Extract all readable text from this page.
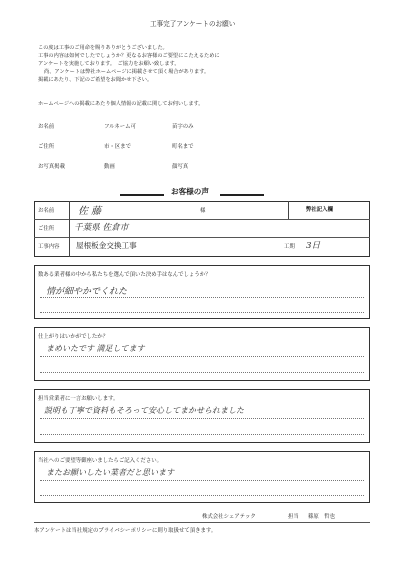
工事完了アンケートのお願い
この度は工事のご用命を賜りありがとうございました。
工事の内容は如何でしたでしょうか？更なるお客様のご要望にこたえるために
アンケートを実施しております。　ご協力をお願い致します。
尚、アンケートは弊社ホームページに掲載させて頂く場合があります。
掲載にあたり、下記のご希望をお聞かせ下さい。
ホームページへの掲載にあたり個人情報の記載に関してお伺いします。
お名前	フルネーム可	苗字のみ
ご住所	市・区まで	町名まで
お写真掲載	動画	顔写真
お客様の声
お名前 佐 藤	様	弊社記入欄
ご住所 千葉県 佐倉市
工事内容 屋根板金交換工事	工期 3日
数ある業者様の中から私たちを選んで頂いた決め手はなんでしょうか？
情が細やかでくれた
仕上がりはいかがでしたか？
まめいたです 満足してます
担当営業者に一言お願いします。
説明も丁寧で資料もそろって安心してまかせられました
当社へのご要望等御座いましたらご記入ください。
またお願いしたい業者だと思います
株式会社シェアテック	担当 篠原　哲也
本アンケートは当社規定のプライバシーポリシーに則り取扱せて頂きます。
